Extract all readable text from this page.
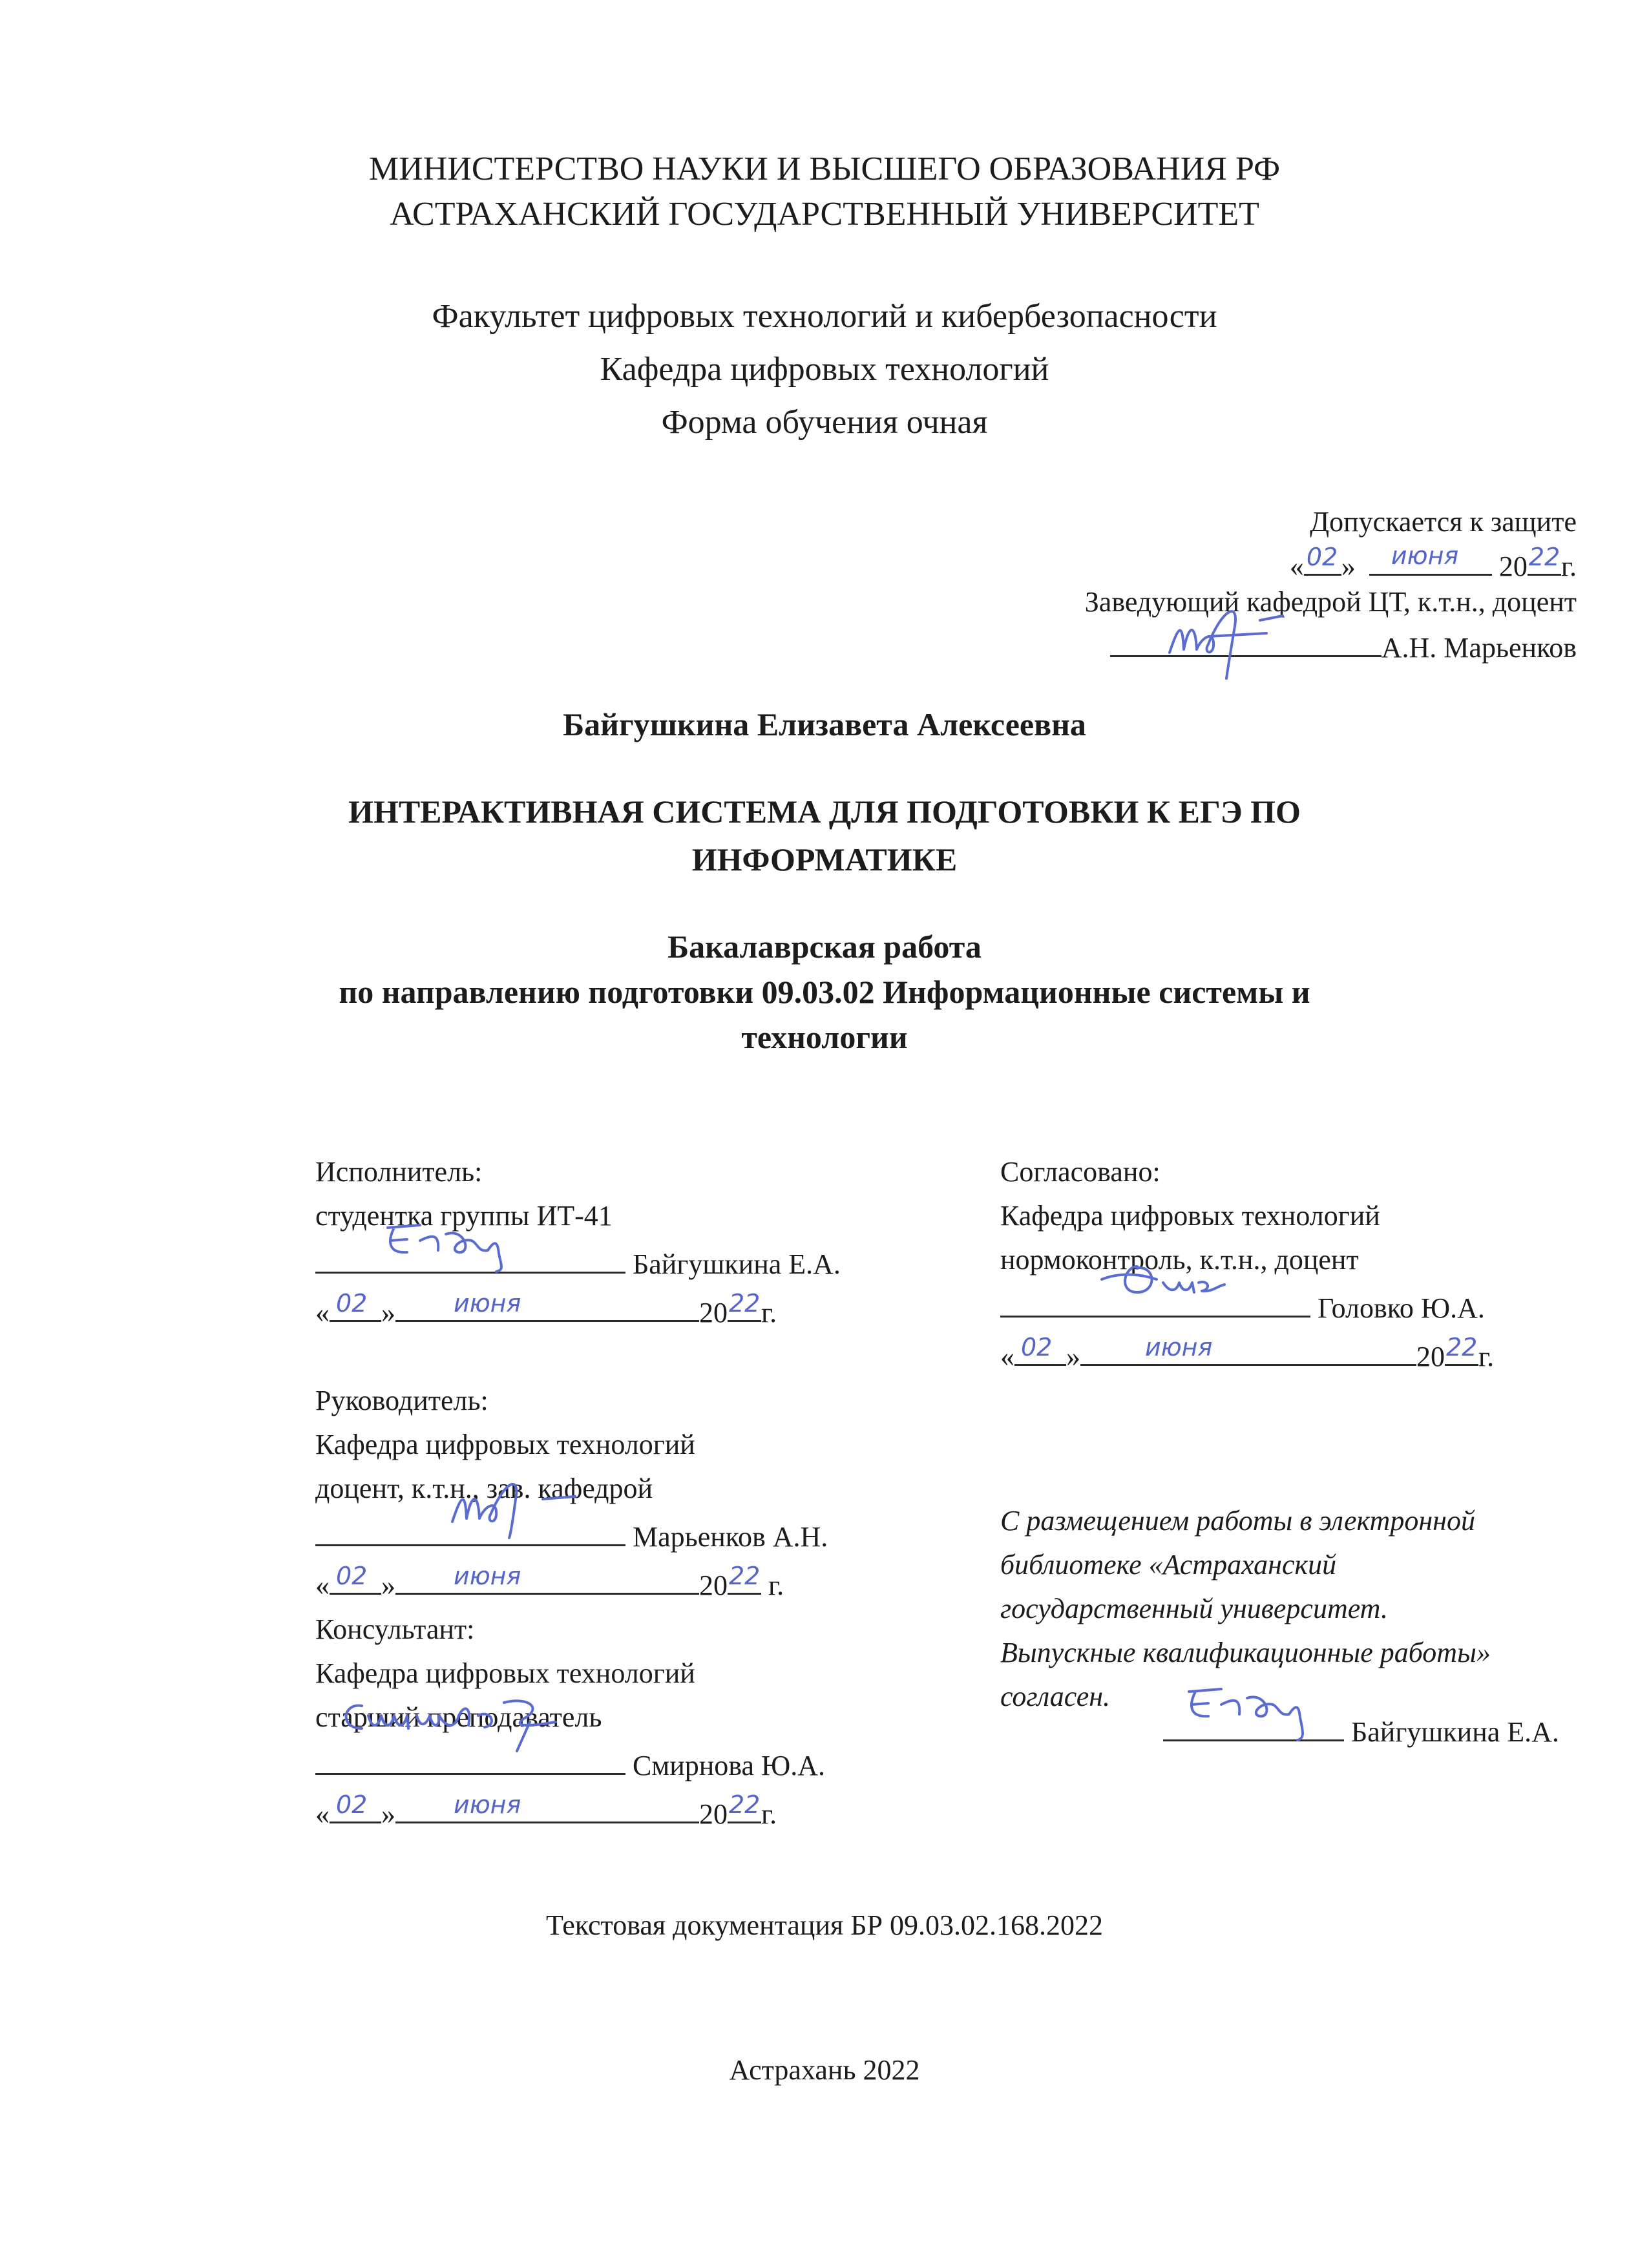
МИНИСТЕРСТВО НАУКИ И ВЫСШЕГО ОБРАЗОВАНИЯ РФ
АСТРАХАНСКИЙ ГОСУДАРСТВЕННЫЙ УНИВЕРСИТЕТ
Факультет цифровых технологий и кибербезопасности
Кафедра цифровых технологий
Форма обучения очная
Допускается к защите
« 02 » июня 20 22 г.
Заведующий кафедрой ЦТ, к.т.н., доцент
А.Н. Марьенков
Байгушкина Елизавета Алексеевна
ИНТЕРАКТИВНАЯ СИСТЕМА ДЛЯ ПОДГОТОВКИ К ЕГЭ ПО
ИНФОРМАТИКЕ
Бакалаврская работа
по направлению подготовки 09.03.02 Информационные системы и
технологии
Исполнитель:
студентка группы ИТ-41
Байгушкина Е.А.
« 02 » июня	20 22 г.
Руководитель:
Кафедра цифровых технологий
доцент, к.т.н., зав. кафедрой
Марьенков А.Н.
« 02 » июня	20 22 г.
Консультант:
Кафедра цифровых технологий
старший преподаватель
Смирнова Ю.А.
« 02 » июня	20 22 г.
Согласовано:
Кафедра цифровых технологий
нормоконтроль, к.т.н., доцент
Головко Ю.А.
« 02 »	июня	20 22 г.
С размещением работы в электронной
библиотеке «Астраханский
государственный университет.
Выпускные квалификационные работы»
согласен.
Байгушкина Е.А.
Текстовая документация БР 09.03.02.168.2022
Астрахань 2022
